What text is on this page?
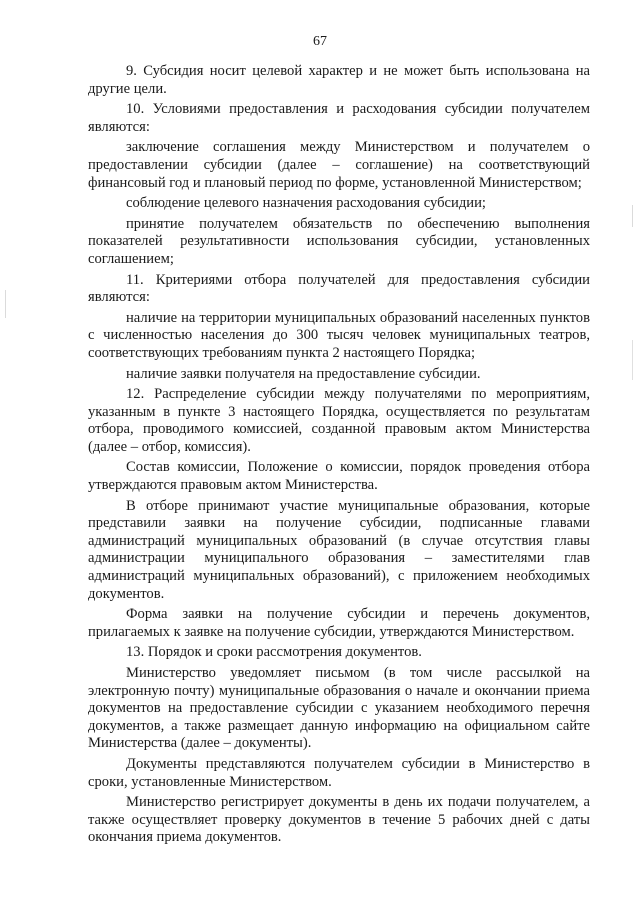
67

9. Субсидия носит целевой характер и не может быть использована на другие цели.

10. Условиями предоставления и расходования субсидии получателем являются:

заключение соглашения между Министерством и получателем о предоставлении субсидии (далее – соглашение) на соответствующий финансовый год и плановый период по форме, установленной Министерством;

соблюдение целевого назначения расходования субсидии;

принятие получателем обязательств по обеспечению выполнения показателей результативности использования субсидии, установленных соглашением;

11. Критериями отбора получателей для предоставления субсидии являются:

наличие на территории муниципальных образований населенных пунктов с численностью населения до 300 тысяч человек муниципальных театров, соответствующих требованиям пункта 2 настоящего Порядка;

наличие заявки получателя на предоставление субсидии.

12. Распределение субсидии между получателями по мероприятиям, указанным в пункте 3 настоящего Порядка, осуществляется по результатам отбора, проводимого комиссией, созданной правовым актом Министерства (далее – отбор, комиссия).

Состав комиссии, Положение о комиссии, порядок проведения отбора утверждаются правовым актом Министерства.

В отборе принимают участие муниципальные образования, которые представили заявки на получение субсидии, подписанные главами администраций муниципальных образований (в случае отсутствия главы администрации муниципального образования – заместителями глав администраций муниципальных образований), с приложением необходимых документов.

Форма заявки на получение субсидии и перечень документов, прилагаемых к заявке на получение субсидии, утверждаются Министерством.

13. Порядок и сроки рассмотрения документов.

Министерство уведомляет письмом (в том числе рассылкой на электронную почту) муниципальные образования о начале и окончании приема документов на предоставление субсидии с указанием необходимого перечня документов, а также размещает данную информацию на официальном сайте Министерства (далее – документы).

Документы представляются получателем субсидии в Министерство в сроки, установленные Министерством.

Министерство регистрирует документы в день их подачи получателем, а также осуществляет проверку документов в течение 5 рабочих дней с даты окончания приема документов.
